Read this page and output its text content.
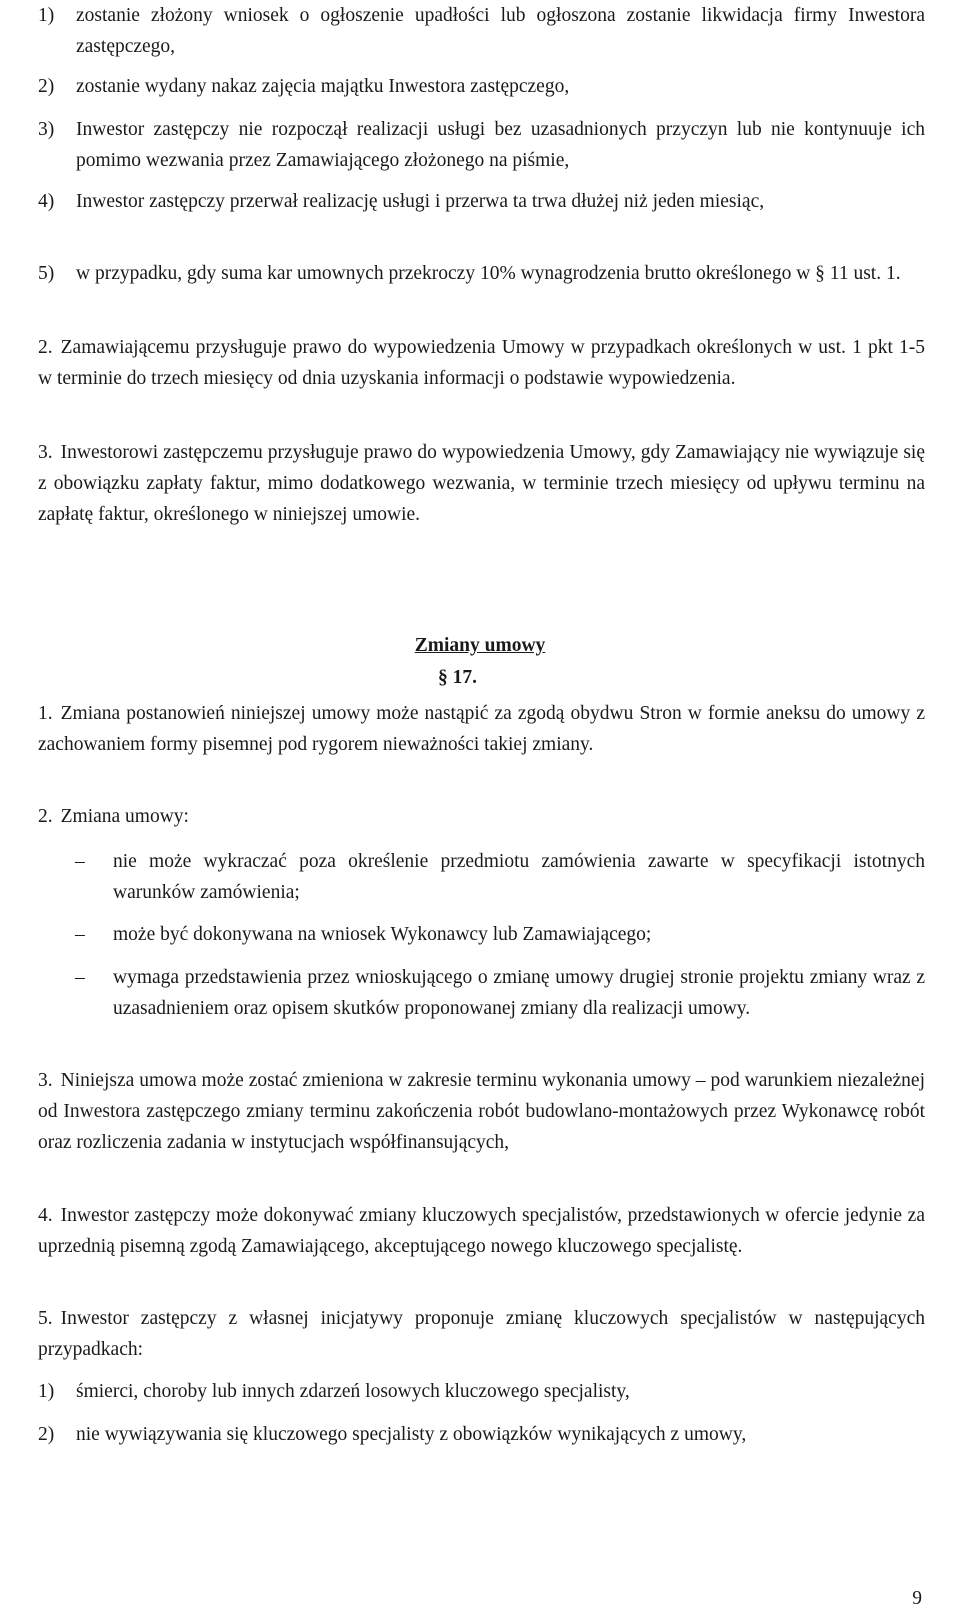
1) zostanie złożony wniosek o ogłoszenie upadłości lub ogłoszona zostanie likwidacja firmy Inwestora zastępczego,
2) zostanie wydany nakaz zajęcia majątku Inwestora zastępczego,
3) Inwestor zastępczy nie rozpoczął realizacji usługi bez uzasadnionych przyczyn lub nie kontynuuje ich pomimo wezwania przez Zamawiającego złożonego na piśmie,
4) Inwestor zastępczy przerwał realizację usługi i przerwa ta trwa dłużej niż jeden miesiąc,
5) w przypadku, gdy suma kar umownych przekroczy 10% wynagrodzenia brutto określonego w § 11 ust. 1.
2. Zamawiającemu przysługuje prawo do wypowiedzenia Umowy w przypadkach określonych w ust. 1 pkt 1-5 w terminie do trzech miesięcy od dnia uzyskania informacji o podstawie wypowiedzenia.
3. Inwestorowi zastępczemu przysługuje prawo do wypowiedzenia Umowy, gdy Zamawiający nie wywiązuje się z obowiązku zapłaty faktur, mimo dodatkowego wezwania, w terminie trzech miesięcy od upływu terminu na zapłatę faktur, określonego w niniejszej umowie.
Zmiany umowy
§ 17.
1. Zmiana postanowień niniejszej umowy może nastąpić za zgodą obydwu Stron w formie aneksu do umowy z zachowaniem formy pisemnej pod rygorem nieważności takiej zmiany.
2. Zmiana umowy:
– nie może wykraczać poza określenie przedmiotu zamówienia zawarte w specyfikacji istotnych warunków zamówienia;
– może być dokonywana na wniosek Wykonawcy lub Zamawiającego;
– wymaga przedstawienia przez wnioskującego o zmianę umowy drugiej stronie projektu zmiany wraz z uzasadnieniem oraz opisem skutków proponowanej zmiany dla realizacji umowy.
3. Niniejsza umowa może zostać zmieniona w zakresie terminu wykonania umowy – pod warunkiem niezależnej od Inwestora zastępczego zmiany terminu zakończenia robót budowlano-montażowych przez Wykonawcę robót oraz rozliczenia zadania w instytucjach współfinansujących,
4. Inwestor zastępczy może dokonywać zmiany kluczowych specjalistów, przedstawionych w ofercie jedynie za uprzednią pisemną zgodą Zamawiającego, akceptującego nowego kluczowego specjalistę.
5. Inwestor zastępczy z własnej inicjatywy proponuje zmianę kluczowych specjalistów w następujących przypadkach:
1) śmierci, choroby lub innych zdarzeń losowych kluczowego specjalisty,
2) nie wywiązywania się kluczowego specjalisty z obowiązków wynikających z umowy,
9
